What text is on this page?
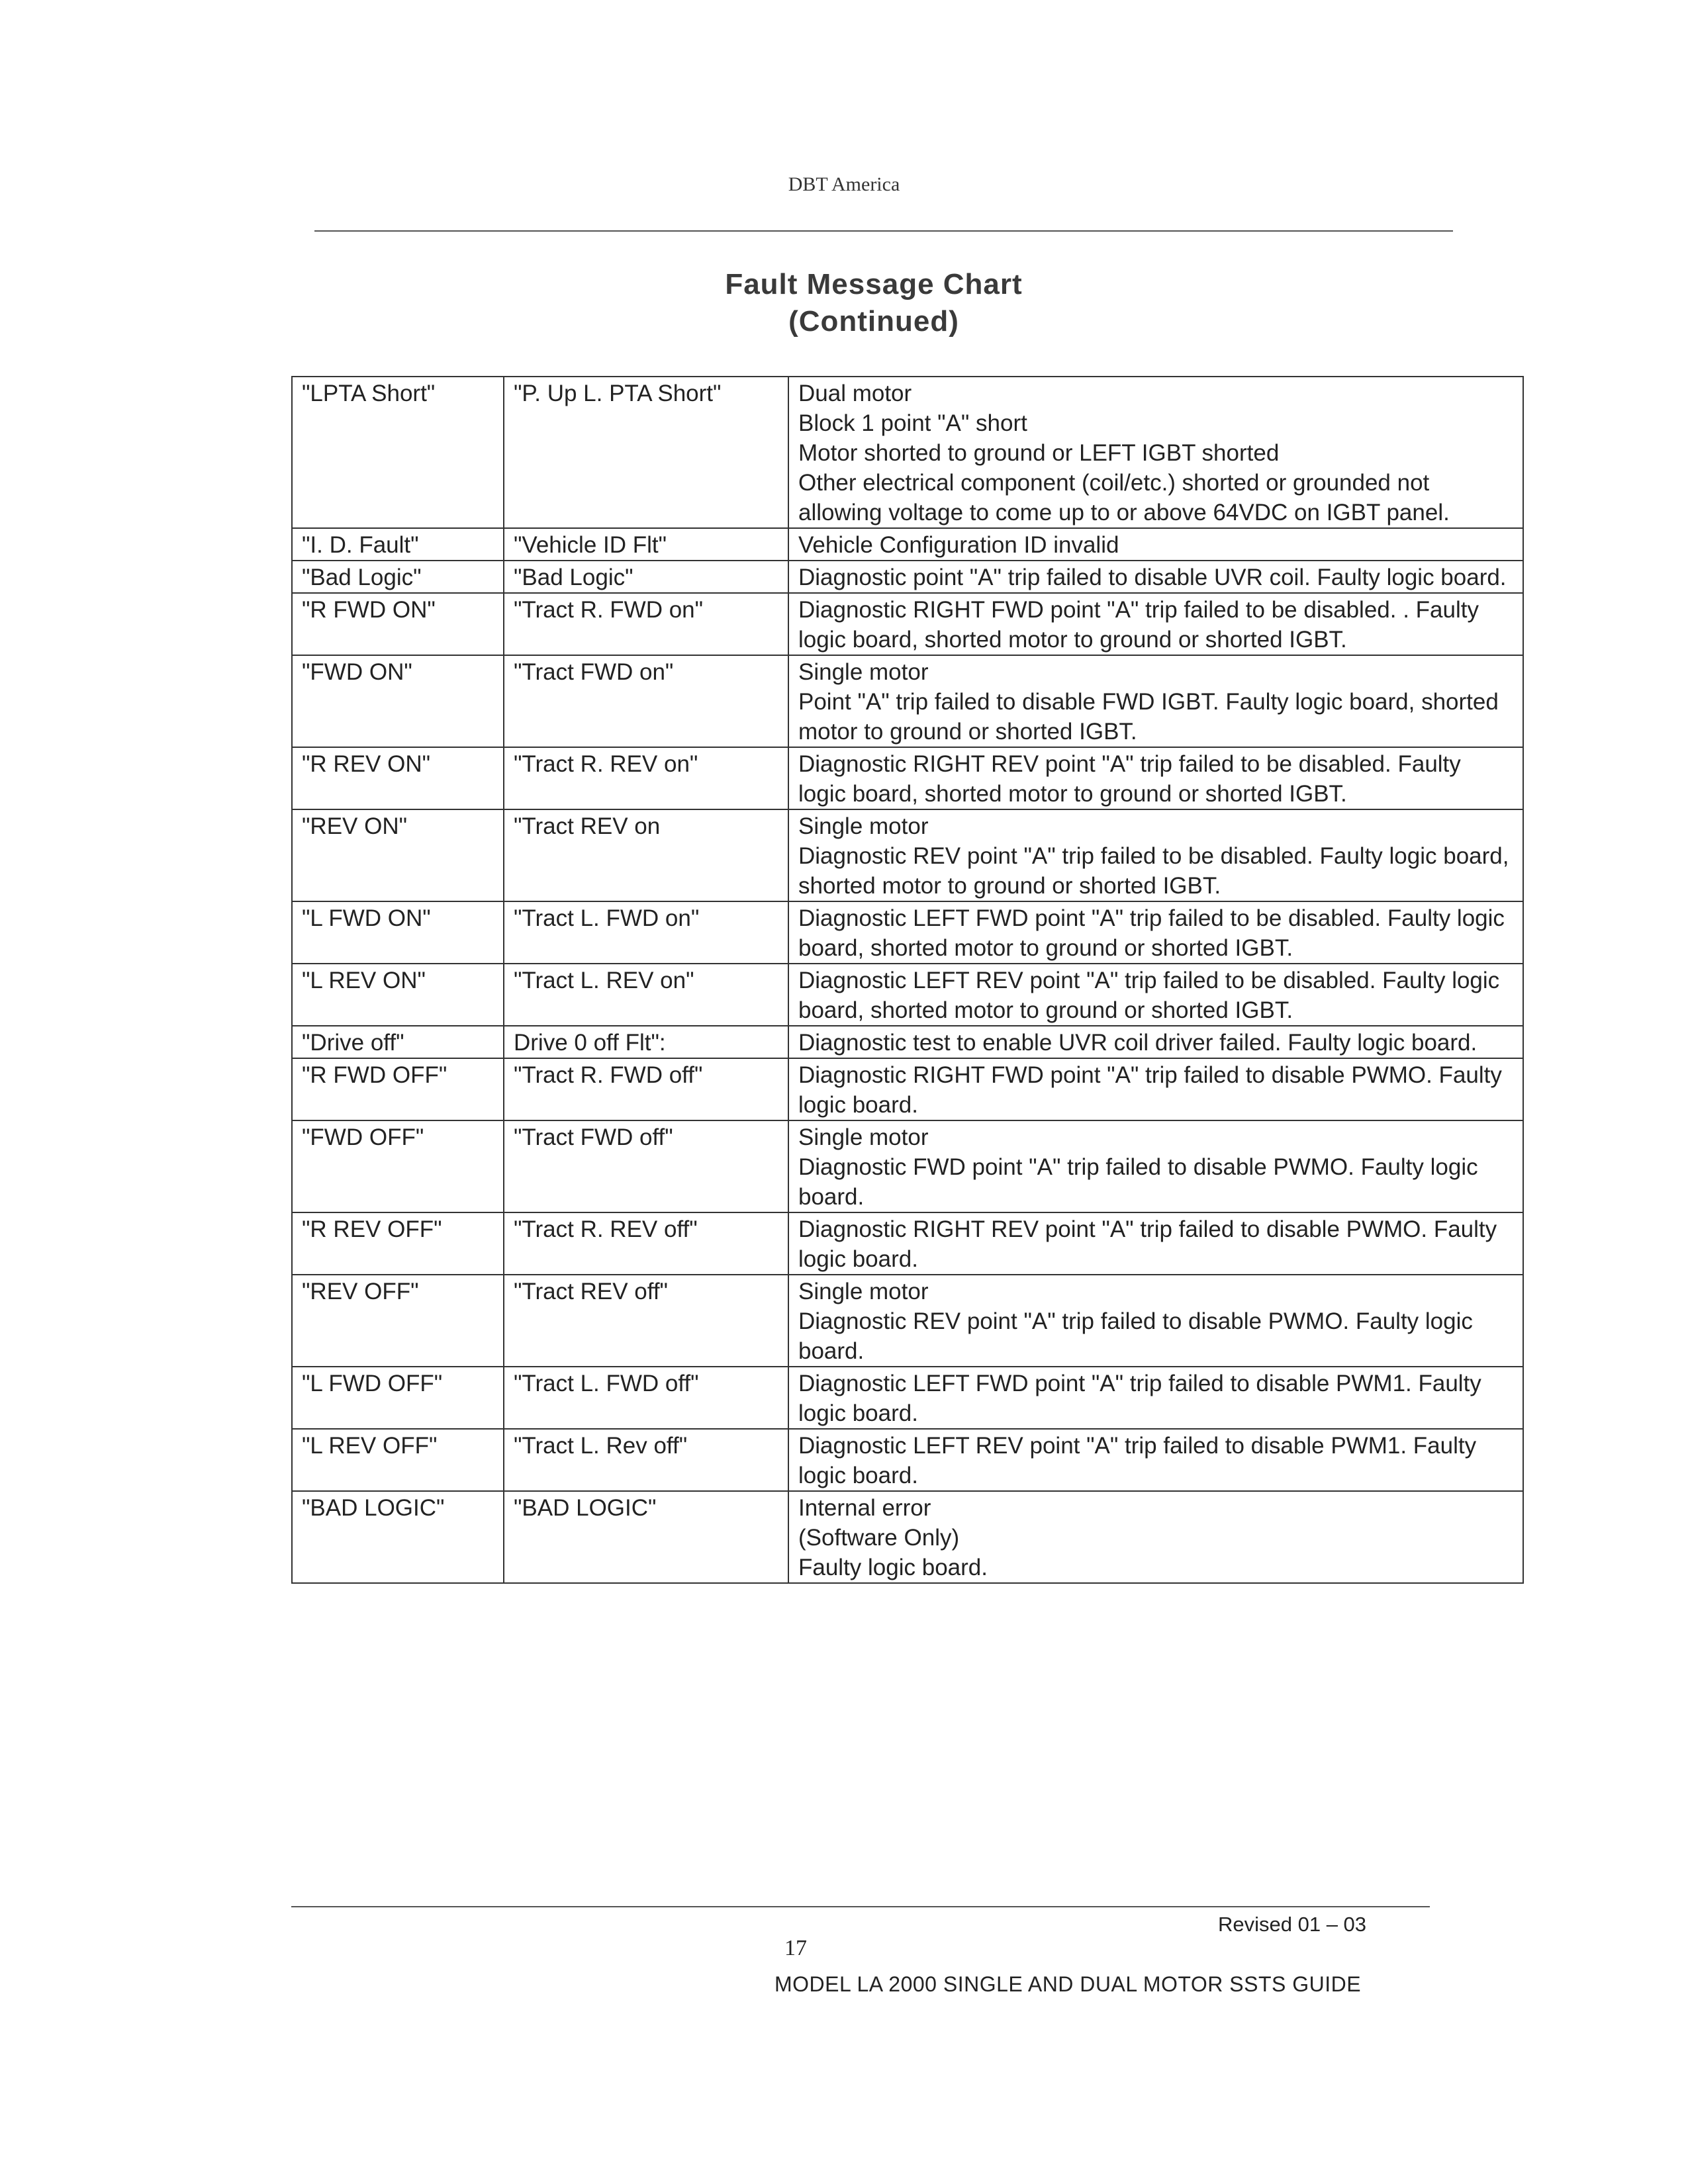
DBT America
Fault Message Chart
(Continued)
"LPTA Short"	"P. Up L. PTA Short"	Dual motor
Block 1 point "A" short
Motor shorted to ground or LEFT IGBT shorted
Other electrical component (coil/etc.) shorted or grounded not allowing voltage to come up to or above 64VDC on IGBT panel.

"I. D. Fault"	"Vehicle ID Flt"	Vehicle Configuration ID invalid

"Bad Logic"	"Bad Logic"	Diagnostic point "A" trip failed to disable UVR coil. Faulty logic board.

"R FWD ON"	"Tract R. FWD on"	Diagnostic RIGHT FWD point "A" trip failed to be disabled. . Faulty logic board, shorted motor to ground or shorted IGBT.

"FWD ON"	"Tract FWD on"	Single motor
Point "A" trip failed to disable FWD IGBT. Faulty logic board, shorted motor to ground or shorted IGBT.

"R REV ON"	"Tract R. REV on"	Diagnostic RIGHT REV point "A" trip failed to be disabled. Faulty logic board, shorted motor to ground or shorted IGBT.

"REV ON"	"Tract REV on	Single motor
Diagnostic REV point "A" trip failed to be disabled. Faulty logic board, shorted motor to ground or shorted IGBT.

"L FWD ON"	"Tract L. FWD on"	Diagnostic LEFT FWD point "A" trip failed to be disabled. Faulty logic board, shorted motor to ground or shorted IGBT.

"L REV ON"	"Tract L. REV on"	Diagnostic LEFT REV point "A" trip failed to be disabled. Faulty logic board, shorted motor to ground or shorted IGBT.

"Drive off"	Drive 0 off Flt":	Diagnostic test to enable UVR coil driver failed. Faulty logic board.

"R FWD OFF"	"Tract R. FWD off"	Diagnostic RIGHT FWD point "A" trip failed to disable PWMO. Faulty logic board.

"FWD OFF"	"Tract FWD off"	Single motor
Diagnostic FWD point "A" trip failed to disable PWMO. Faulty logic board.

"R REV OFF"	"Tract R. REV off"	Diagnostic RIGHT REV point "A" trip failed to disable PWMO. Faulty logic board.

"REV OFF"	"Tract REV off"	Single motor
Diagnostic REV point "A" trip failed to disable PWMO. Faulty logic board.

"L FWD OFF"	"Tract L. FWD off"	Diagnostic LEFT FWD point "A" trip failed to disable PWM1. Faulty logic board.

"L REV OFF"	"Tract L. Rev off"	Diagnostic LEFT REV point "A" trip failed to disable PWM1. Faulty logic board.

"BAD LOGIC"	"BAD LOGIC"	Internal error
(Software Only)
Faulty logic board.
17
Revised 01 – 03
MODEL LA 2000 SINGLE AND DUAL MOTOR SSTS GUIDE
